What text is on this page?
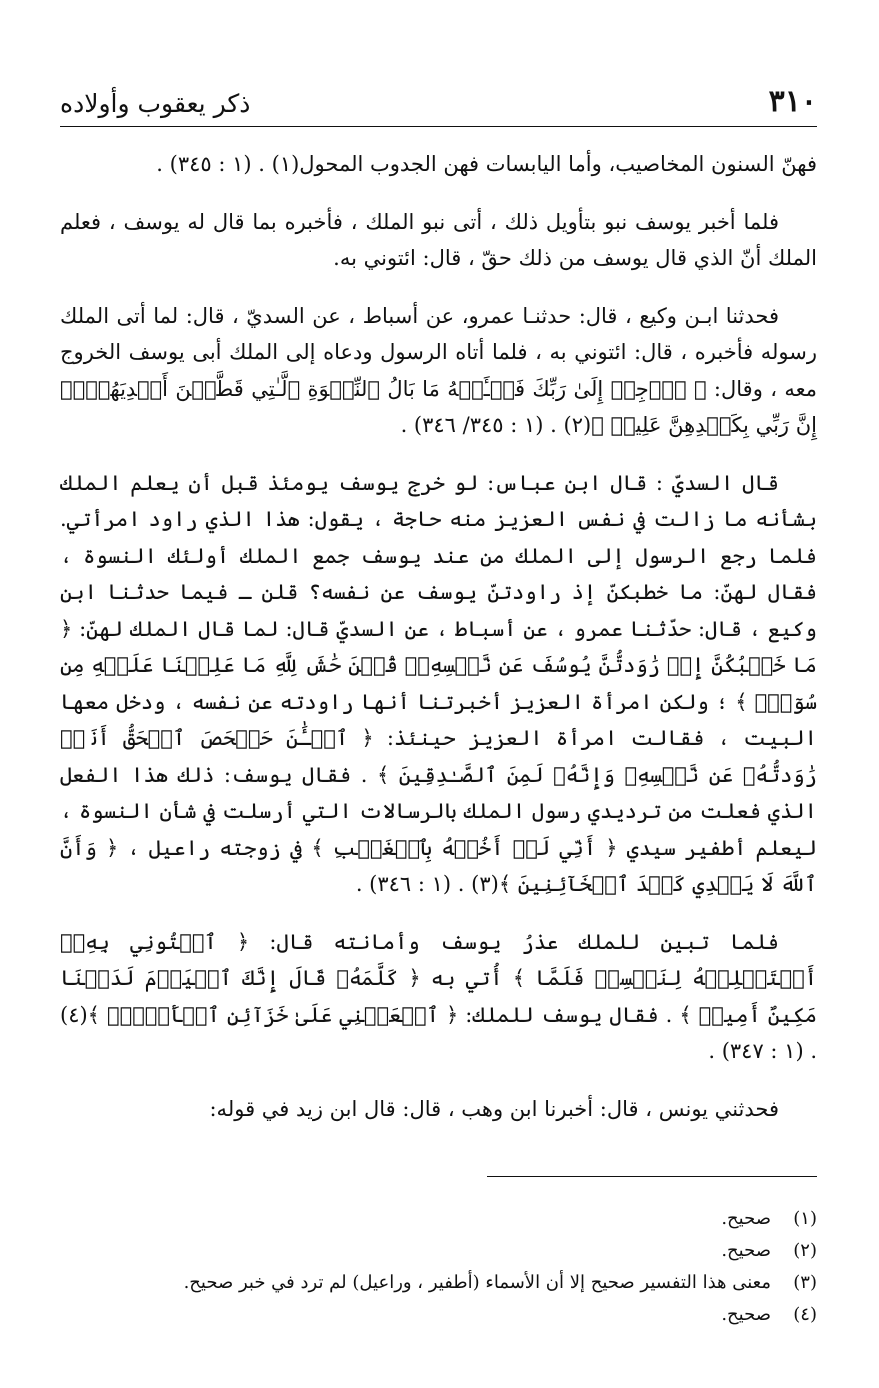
٣١٠
ذكر يعقوب وأولاده

فهنّ السنون المخاصيب، وأما اليابسات فهن الجدوب المحول(١) . (١ : ٣٤٥) .

فلما أخبر يوسف نبو بتأويل ذلك ، أتى نبو الملك ، فأخبره بما قال له يوسف ، فعلم الملك أنّ الذي قال يوسف من ذلك حقّ ، قال: ائتوني به.

فحدثنا ابـن وكيع ، قال: حدثنـا عمرو، عن أسباط ، عن السديّ ، قال: لما أتى الملك رسوله فأخبره ، قال: ائتوني به ، فلما أتاه الرسول ودعاه إلى الملك أبى يوسف الخروج معه ، وقال: ﴿ ٱرۡجِعۡ إِلَىٰ رَبِّكَ فَسۡـَٔلۡهُ مَا بَالُ ٱلنِّسۡوَةِ ٱلَّـٰتِي قَطَّعۡنَ أَيۡدِيَهُنَّۚ إِنَّ رَبِّي بِكَيۡدِهِنَّ عَلِيمٞ ﴾(٢) . (١ : ٣٤٥/ ٣٤٦) .

قال السديّ : قال ابن عباس: لو خرج يوسف يومئذ قبل أن يعلم الملك بشأنه ما زالت في نفس العزيز منه حاجة ، يقول: هذا الذي راود امرأتي. فلما رجع الرسول إلى الملك من عند يوسف جمع الملك أولئك النسوة ، فقال لهنّ: ما خطبكنّ إذ راودتنّ يوسف عن نفسه؟ قلن ـ فيما حدثنا ابن وكيع ، قال: حدّثنا عمرو ، عن أسباط ، عن السديّ قال: لما قال الملك لهنّ: ﴿ مَا خَطۡبُكُنَّ إِذۡ رَٰوَدتُّنَّ يُوسُفَ عَن نَّفۡسِهِۦۚ قُلۡنَ حَٰشَ لِلَّهِ مَا عَلِمۡنَا عَلَيۡهِ مِن سُوٓءٖۚ ﴾ ؛ ولكن امرأة العزيز أخبرتنا أنها راودته عن نفسه ، ودخل معها البيت ، فقالت امرأة العزيز حينئذ: ﴿ ٱلۡـَٰٔنَ حَصۡحَصَ ٱلۡحَقُّ أَنَا۠ رَٰوَدتُّهُۥ عَن نَّفۡسِهِۦ وَإِنَّهُۥ لَمِنَ ٱلصَّـٰدِقِينَ ﴾ . فقال يوسف: ذلك هذا الفعل الذي فعلت من ترديدي رسول الملك بالرسالات التي أرسلت في شأن النسوة ، ليعلم أطفير سيدي ﴿ أَنِّي لَمۡ أَخُنۡهُ بِٱلۡغَيۡبِ ﴾ في زوجته راعيل ، ﴿ وَأَنَّ ٱللَّهَ لَا يَهۡدِي كَيۡدَ ٱلۡخَآئِنِينَ ﴾(٣) . (١ : ٣٤٦) .

فلما تبين للملك عذرُ يوسف وأمانته قال: ﴿ ٱئۡتُونِي بِهِۦٓ أَسۡتَخۡلِصۡهُ لِنَفۡسِيۖ فَلَمَّا ﴾ أُتي به ﴿ كَلَّمَهُۥ قَالَ إِنَّكَ ٱلۡيَوۡمَ لَدَيۡنَا مَكِينٌ أَمِينٞ ﴾ . فقال يوسف للملك: ﴿ ٱجۡعَلۡنِي عَلَىٰ خَزَآئِنِ ٱلۡأَرۡضِۖ ﴾(٤) . (١ : ٣٤٧) .

فحدثني يونس ، قال: أخبرنا ابن وهب ، قال: قال ابن زيد في قوله:

(١)
صحيح.
(٢)
صحيح.
(٣)
معنى هذا التفسير صحيح إلا أن الأسماء (أطفير ، وراعيل) لم ترد في خبر صحيح.
(٤)
صحيح.
